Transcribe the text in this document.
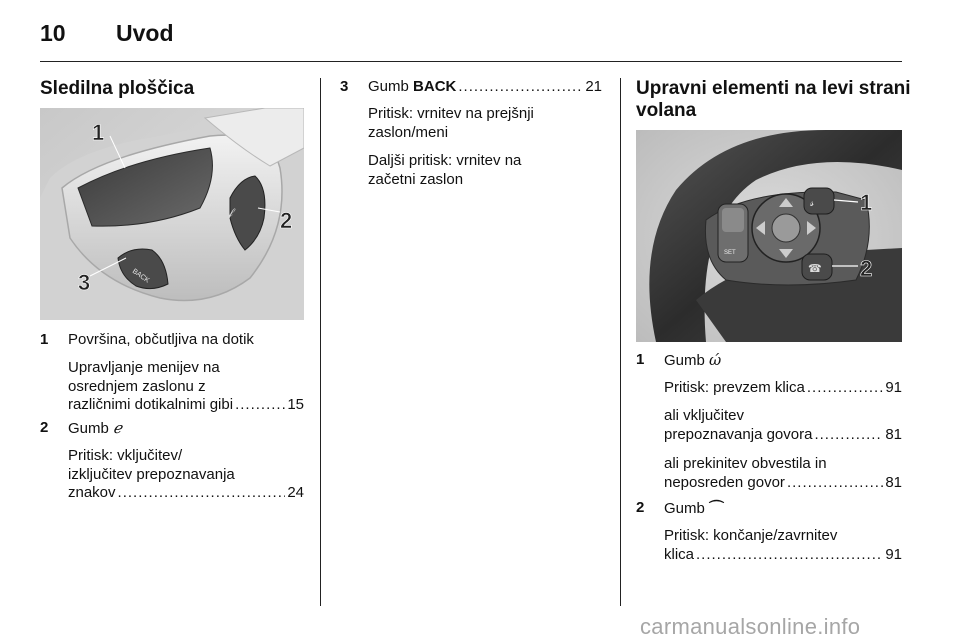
10 Uvod
Sledilna ploščica
BACK
𝒻
1
2
3
1 Površina, občutljiva na dotik
Upravljanje menijev na
osrednjem zaslonu z
različnimi dotikalnimi gibi .....	15
2 Gumb ℯ
Pritisk: vključitev/
izključitev prepoznavanja
znakov .....	24
3 Gumb BACK .....	21
Pritisk: vrnitev na prejšnji
zaslon/meni
Daljši pritisk: vrnitev na
začetni zaslon
Upravni elementi na levi strani
volana
SET
𝓈
☎
1
2
1 Gumb ώ
Pritisk: prevzem klica .....	91
ali vključitev
prepoznavanja govora .....	81
ali prekinitev obvestila in
neposreden govor .....	81
2 Gumb ⌒
Pritisk: končanje/zavrnitev
klica .....	91
carmanualsonline.info
